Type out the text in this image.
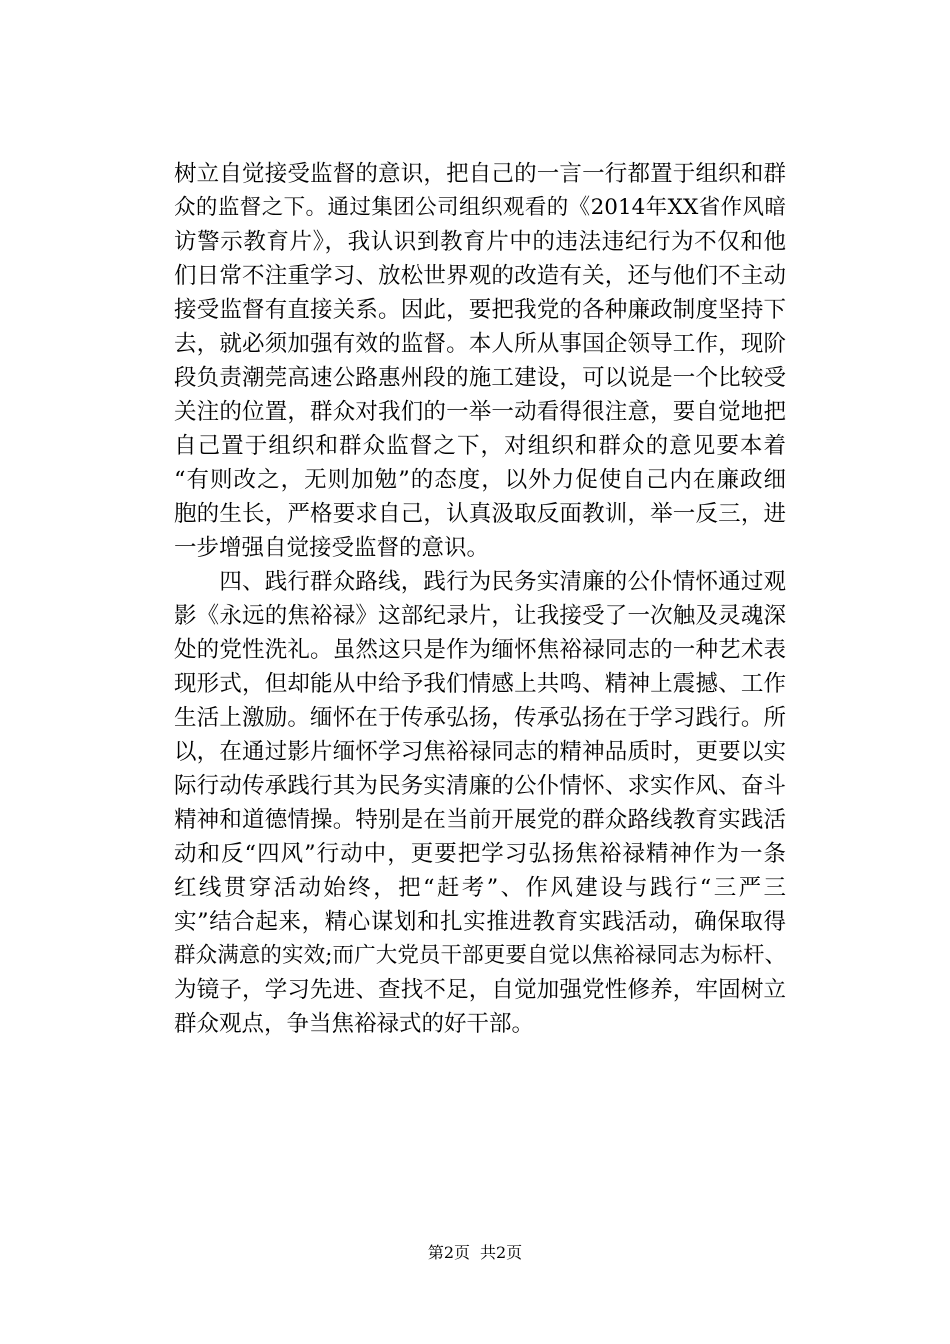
树立自觉接受监督的意识，把自己的一言一行都置于组织和群
众的监督之下。通过集团公司组织观看的《2014年XX省作风暗
访警示教育片》，我认识到教育片中的违法违纪行为不仅和他
们日常不注重学习、放松世界观的改造有关，还与他们不主动
接受监督有直接关系。因此，要把我党的各种廉政制度坚持下
去，就必须加强有效的监督。本人所从事国企领导工作，现阶
段负责潮莞高速公路惠州段的施工建设，可以说是一个比较受
关注的位置，群众对我们的一举一动看得很注意，要自觉地把
自己置于组织和群众监督之下，对组织和群众的意见要本着
“有则改之，无则加勉”的态度，以外力促使自己内在廉政细
胞的生长，严格要求自己，认真汲取反面教训，举一反三，进
一步增强自觉接受监督的意识。
　　四、践行群众路线，践行为民务实清廉的公仆情怀通过观
影《永远的焦裕禄》这部纪录片，让我接受了一次触及灵魂深
处的党性洗礼。虽然这只是作为缅怀焦裕禄同志的一种艺术表
现形式，但却能从中给予我们情感上共鸣、精神上震撼、工作
生活上激励。缅怀在于传承弘扬，传承弘扬在于学习践行。所
以，在通过影片缅怀学习焦裕禄同志的精神品质时，更要以实
际行动传承践行其为民务实清廉的公仆情怀、求实作风、奋斗
精神和道德情操。特别是在当前开展党的群众路线教育实践活
动和反“四风”行动中，更要把学习弘扬焦裕禄精神作为一条
红线贯穿活动始终，把“赶考”、作风建设与践行“三严三
实”结合起来，精心谋划和扎实推进教育实践活动，确保取得
群众满意的实效;而广大党员干部更要自觉以焦裕禄同志为标杆、
为镜子，学习先进、查找不足，自觉加强党性修养，牢固树立
群众观点，争当焦裕禄式的好干部。
第2页 共2页
